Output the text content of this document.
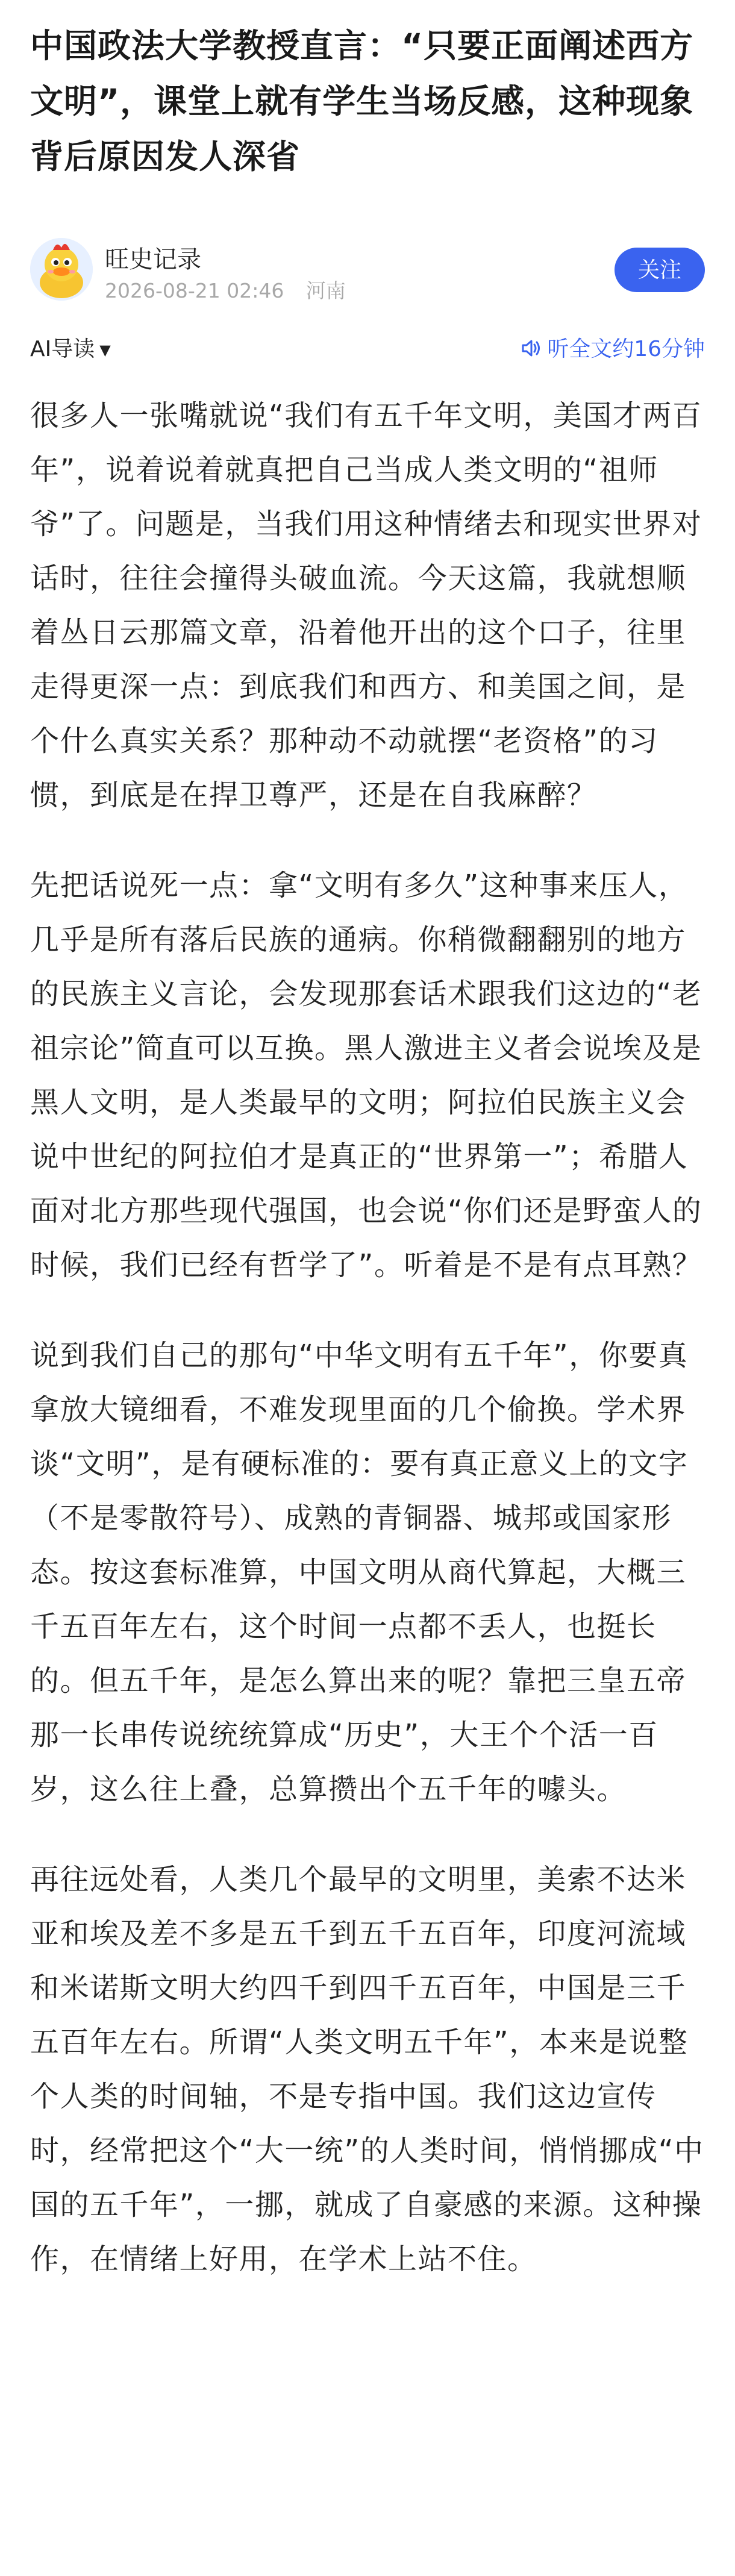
中国政法大学教授直言：“只要正面阐述西方文明”，课堂上就有学生当场反感，这种现象背后原因发人深省
旺史记录
2026-08-21 02:46 河南
关注
AI导读 ▼	听全文约16分钟

很多人一张嘴就说“我们有五千年文明，美国才两百年”，说着说着就真把自己当成人类文明的“祖师爷”了。问题是，当我们用这种情绪去和现实世界对话时，往往会撞得头破血流。今天这篇，我就想顺着丛日云那篇文章，沿着他开出的这个口子，往里走得更深一点：到底我们和西方、和美国之间，是个什么真实关系？那种动不动就摆“老资格”的习惯，到底是在捍卫尊严，还是在自我麻醉？

先把话说死一点：拿“文明有多久”这种事来压人，几乎是所有落后民族的通病。你稍微翻翻别的地方的民族主义言论，会发现那套话术跟我们这边的“老祖宗论”简直可以互换。黑人激进主义者会说埃及是黑人文明，是人类最早的文明；阿拉伯民族主义会说中世纪的阿拉伯才是真正的“世界第一”；希腊人面对北方那些现代强国，也会说“你们还是野蛮人的时候，我们已经有哲学了”。听着是不是有点耳熟？

说到我们自己的那句“中华文明有五千年”，你要真拿放大镜细看，不难发现里面的几个偷换。学术界谈“文明”，是有硬标准的：要有真正意义上的文字（不是零散符号）、成熟的青铜器、城邦或国家形态。按这套标准算，中国文明从商代算起，大概三千五百年左右，这个时间一点都不丢人，也挺长的。但五千年，是怎么算出来的呢？靠把三皇五帝那一长串传说统统算成“历史”，大王个个活一百岁，这么往上叠，总算攒出个五千年的噱头。

再往远处看，人类几个最早的文明里，美索不达米亚和埃及差不多是五千到五千五百年，印度河流域和米诺斯文明大约四千到四千五百年，中国是三千五百年左右。所谓“人类文明五千年”，本来是说整个人类的时间轴，不是专指中国。我们这边宣传时，经常把这个“大一统”的人类时间，悄悄挪成“中国的五千年”，一挪，就成了自豪感的来源。这种操作，在情绪上好用，在学术上站不住。
